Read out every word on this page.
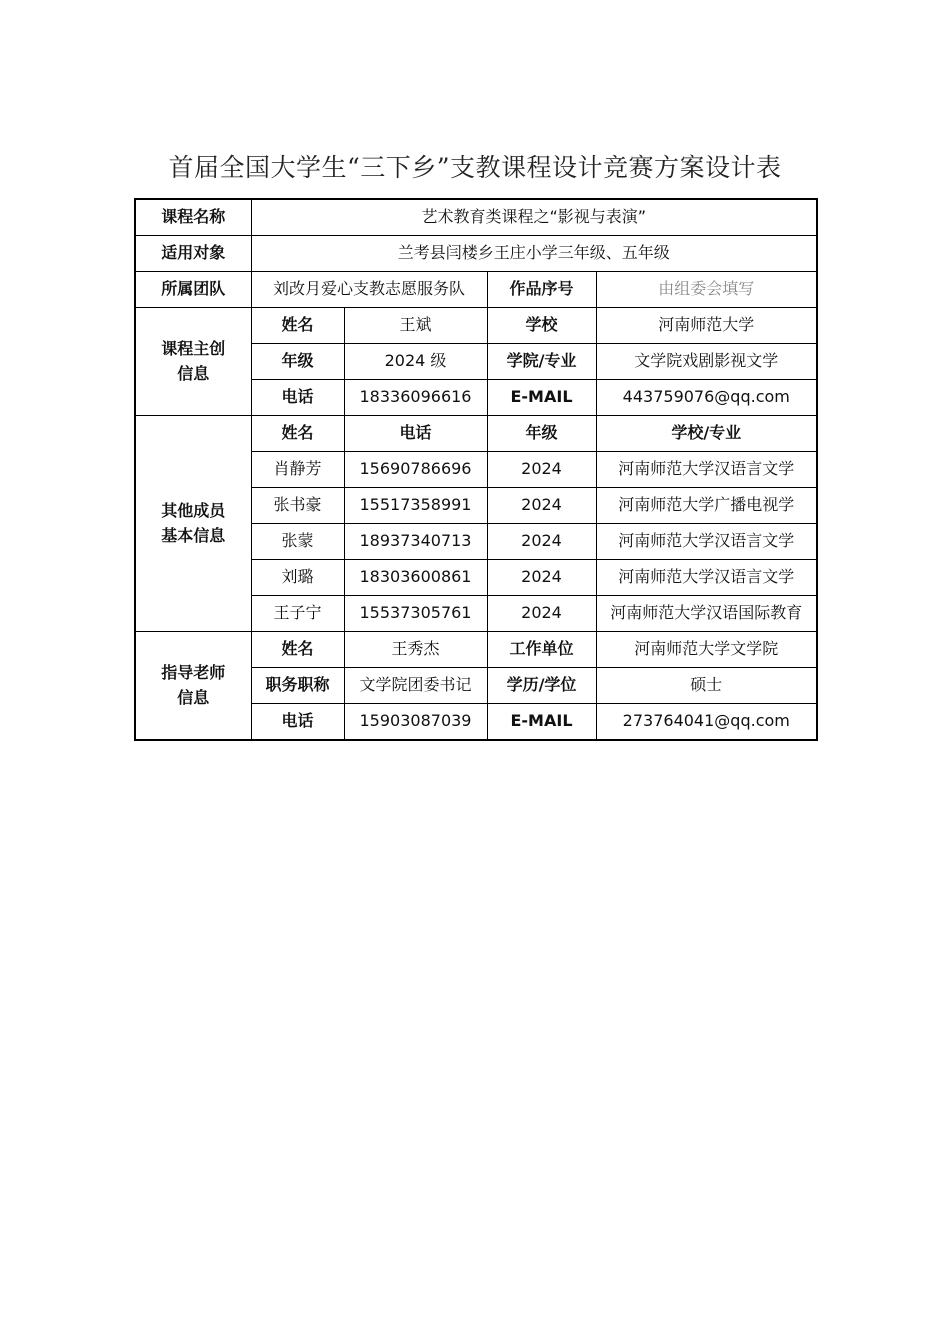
首届全国大学生“三下乡”支教课程设计竞赛方案设计表
课程名称	艺术教育类课程之“影视与表演”			
适用对象	兰考县闫楼乡王庄小学三年级、五年级			
所属团队	刘改月爱心支教志愿服务队		作品序号	由组委会填写

课程主创
信息	姓名	王斌	学校	河南师范大学
	年级	2024 级	学院/专业	文学院戏剧影视文学
	电话	18336096616	E-MAIL	443759076@qq.com

其他成员
基本信息	姓名	电话	年级	学校/专业
	肖静芳	15690786696	2024	河南师范大学汉语言文学
	张书豪	15517358991	2024	河南师范大学广播电视学
	张蒙	18937340713	2024	河南师范大学汉语言文学
	刘璐	18303600861	2024	河南师范大学汉语言文学
	王子宁	15537305761	2024	河南师范大学汉语国际教育

指导老师
信息	姓名	王秀杰	工作单位	河南师范大学文学院
	职务职称	文学院团委书记	学历/学位	硕士
	电话	15903087039	E-MAIL	273764041@qq.com
